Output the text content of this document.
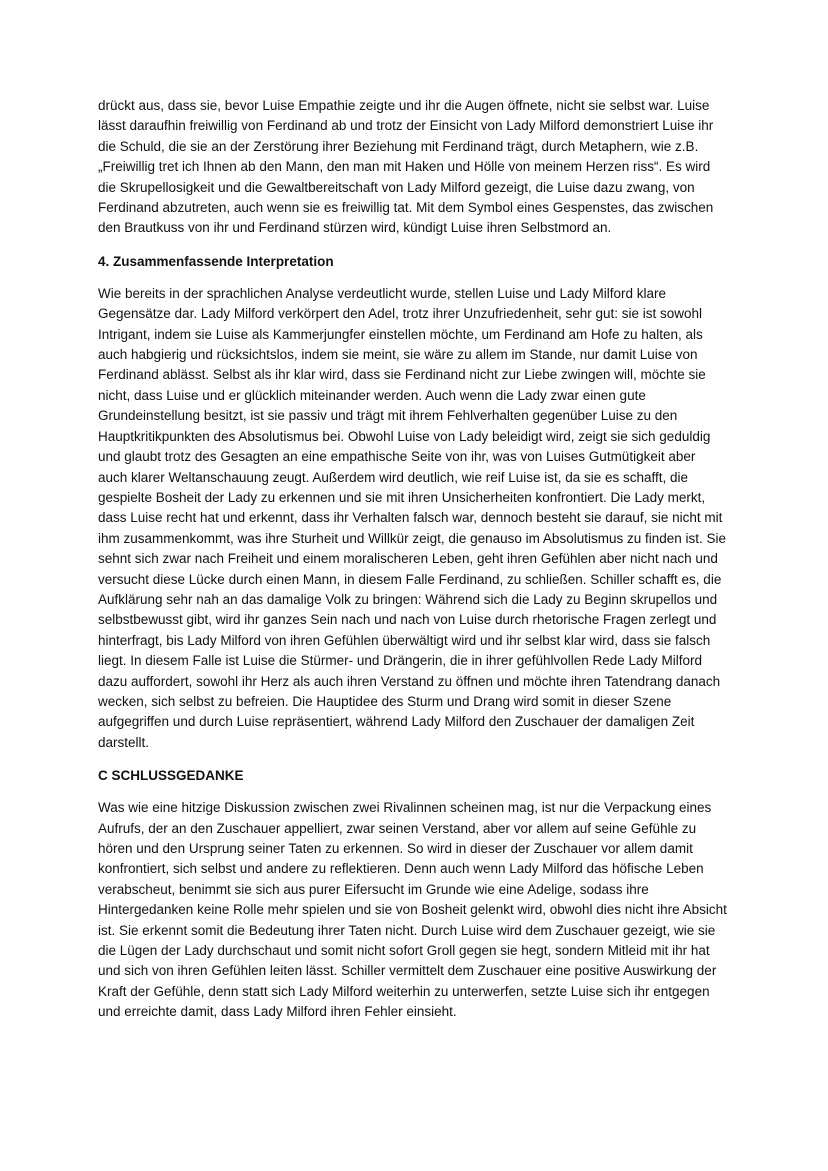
drückt aus, dass sie, bevor Luise Empathie zeigte und ihr die Augen öffnete, nicht sie selbst war. Luise lässt daraufhin freiwillig von Ferdinand ab und trotz der Einsicht von Lady Milford demonstriert Luise ihr die Schuld, die sie an der Zerstörung ihrer Beziehung mit Ferdinand trägt, durch Metaphern, wie z.B. „Freiwillig tret ich Ihnen ab den Mann, den man mit Haken und Hölle von meinem Herzen riss“. Es wird die Skrupellosigkeit und die Gewaltbereitschaft von Lady Milford gezeigt, die Luise dazu zwang, von Ferdinand abzutreten, auch wenn sie es freiwillig tat. Mit dem Symbol eines Gespenstes, das zwischen den Brautkuss von ihr und Ferdinand stürzen wird, kündigt Luise ihren Selbstmord an.

4. Zusammenfassende Interpretation

Wie bereits in der sprachlichen Analyse verdeutlicht wurde, stellen Luise und Lady Milford klare Gegensätze dar. Lady Milford verkörpert den Adel, trotz ihrer Unzufriedenheit, sehr gut: sie ist sowohl Intrigant, indem sie Luise als Kammerjungfer einstellen möchte, um Ferdinand am Hofe zu halten, als auch habgierig und rücksichtslos, indem sie meint, sie wäre zu allem im Stande, nur damit Luise von Ferdinand ablässt. Selbst als ihr klar wird, dass sie Ferdinand nicht zur Liebe zwingen will, möchte sie nicht, dass Luise und er glücklich miteinander werden. Auch wenn die Lady zwar einen gute Grundeinstellung besitzt, ist sie passiv und trägt mit ihrem Fehlverhalten gegenüber Luise zu den Hauptkritikpunkten des Absolutismus bei. Obwohl Luise von Lady beleidigt wird, zeigt sie sich geduldig und glaubt trotz des Gesagten an eine empathische Seite von ihr, was von Luises Gutmütigkeit aber auch klarer Weltanschauung zeugt. Außerdem wird deutlich, wie reif Luise ist, da sie es schafft, die gespielte Bosheit der Lady zu erkennen und sie mit ihren Unsicherheiten konfrontiert. Die Lady merkt, dass Luise recht hat und erkennt, dass ihr Verhalten falsch war, dennoch besteht sie darauf, sie nicht mit ihm zusammenkommt, was ihre Sturheit und Willkür zeigt, die genauso im Absolutismus zu finden ist. Sie sehnt sich zwar nach Freiheit und einem moralischeren Leben, geht ihren Gefühlen aber nicht nach und versucht diese Lücke durch einen Mann, in diesem Falle Ferdinand, zu schließen. Schiller schafft es, die Aufklärung sehr nah an das damalige Volk zu bringen: Während sich die Lady zu Beginn skrupellos und selbstbewusst gibt, wird ihr ganzes Sein nach und nach von Luise durch rhetorische Fragen zerlegt und hinterfragt, bis Lady Milford von ihren Gefühlen überwältigt wird und ihr selbst klar wird, dass sie falsch liegt. In diesem Falle ist Luise die Stürmer- und Drängerin, die in ihrer gefühlvollen Rede Lady Milford dazu auffordert, sowohl ihr Herz als auch ihren Verstand zu öffnen und möchte ihren Tatendrang danach wecken, sich selbst zu befreien. Die Hauptidee des Sturm und Drang wird somit in dieser Szene aufgegriffen und durch Luise repräsentiert, während Lady Milford den Zuschauer der damaligen Zeit darstellt.

C SCHLUSSGEDANKE

Was wie eine hitzige Diskussion zwischen zwei Rivalinnen scheinen mag, ist nur die Verpackung eines Aufrufs, der an den Zuschauer appelliert, zwar seinen Verstand, aber vor allem auf seine Gefühle zu hören und den Ursprung seiner Taten zu erkennen. So wird in dieser der Zuschauer vor allem damit konfrontiert, sich selbst und andere zu reflektieren. Denn auch wenn Lady Milford das höfische Leben verabscheut, benimmt sie sich aus purer Eifersucht im Grunde wie eine Adelige, sodass ihre Hintergedanken keine Rolle mehr spielen und sie von Bosheit gelenkt wird, obwohl dies nicht ihre Absicht ist. Sie erkennt somit die Bedeutung ihrer Taten nicht. Durch Luise wird dem Zuschauer gezeigt, wie sie die Lügen der Lady durchschaut und somit nicht sofort Groll gegen sie hegt, sondern Mitleid mit ihr hat und sich von ihren Gefühlen leiten lässt. Schiller vermittelt dem Zuschauer eine positive Auswirkung der Kraft der Gefühle, denn statt sich Lady Milford weiterhin zu unterwerfen, setzte Luise sich ihr entgegen und erreichte damit, dass Lady Milford ihren Fehler einsieht.
